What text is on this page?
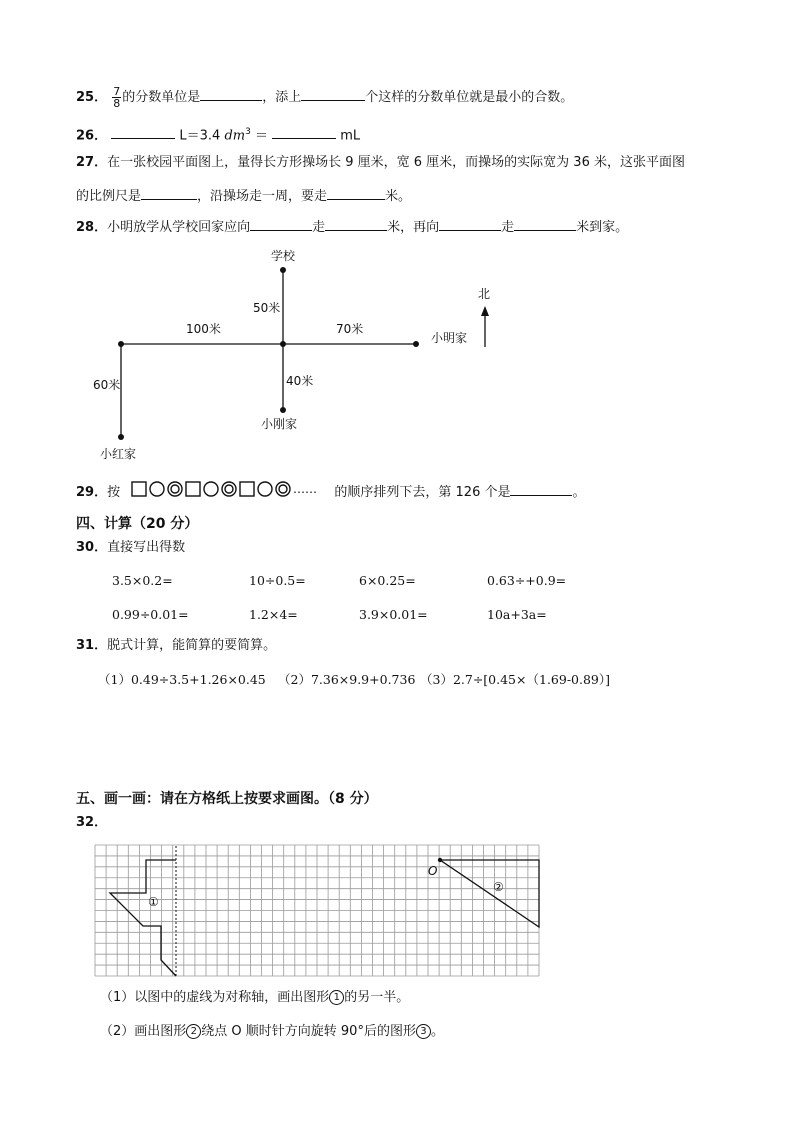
25． $\frac{7}{8}$ 的分数单位是	，添上	个这样的分数单位就是最小的合数。
26．	L＝3.4 $dm^3$ ＝	mL
27．在一张校园平面图上，量得长方形操场长 9 厘米，宽 6 厘米，而操场的实际宽为 36 米，这张平面图
的比例尺是	，沿操场走一周，要走	米。
28．小明放学从学校回家应向	走	米，再向	走	米到家。
学校
北
50米
100米	70米
小明家
40米
小刚家
60米
小红家
29．按	…… 的顺序排列下去，第 126 个是	。
四、计算（20 分）
30．直接写出得数
3.5×0.2=	10÷0.5=	6×0.25=	0.63÷+0.9=
0.99÷0.01=	1.2×4=	3.9×0.01=	10a+3a=
31．脱式计算，能简算的要简算。
（1）0.49÷3.5+1.26×0.45 （2）7.36×9.9+0.736 （3）2.7÷[0.45×（1.69-0.89）]
五、画一画：请在方格纸上按要求画图。（8 分）
32．
①
O
②
（1）以图中的虚线为对称轴，画出图形 1 的另一半。
（2）画出图形 2 绕点 O 顺时针方向旋转 90°后的图形 3 。
